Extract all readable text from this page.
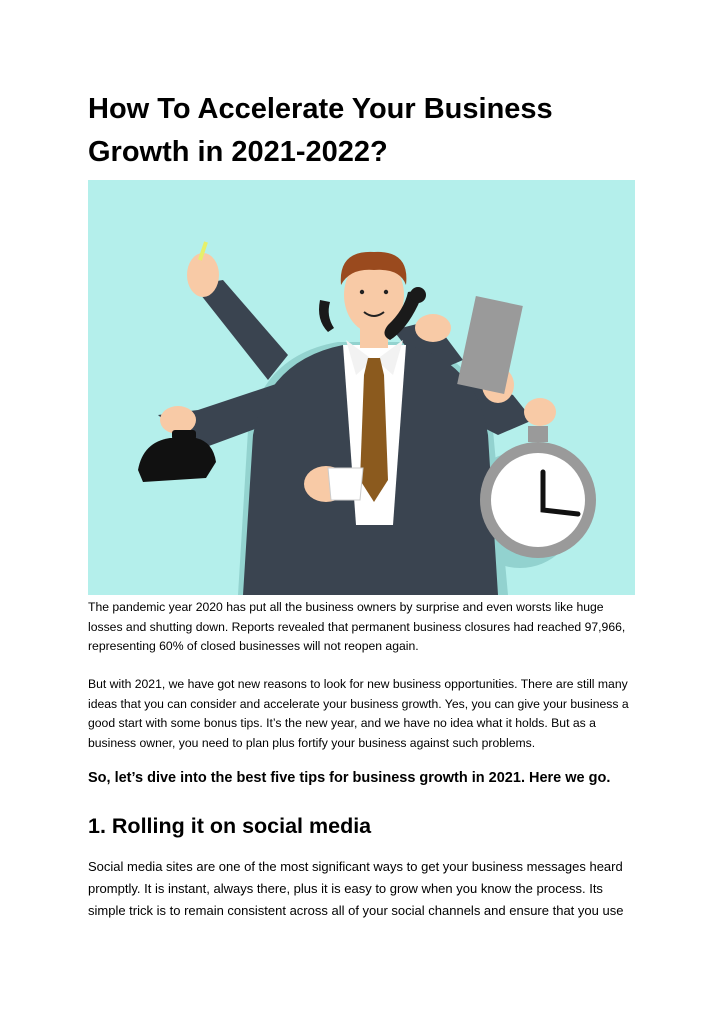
How To Accelerate Your Business Growth in 2021-2022?

The pandemic year 2020 has put all the business owners by surprise and even worsts like huge losses and shutting down. Reports revealed that permanent business closures had reached 97,966, representing 60% of closed businesses will not reopen again.

But with 2021, we have got new reasons to look for new business opportunities. There are still many ideas that you can consider and accelerate your business growth. Yes, you can give your business a good start with some bonus tips. It’s the new year, and we have no idea what it holds. But as a business owner, you need to plan plus fortify your business against such problems.

So, let’s dive into the best five tips for business growth in 2021. Here we go.

1. Rolling it on social media

Social media sites are one of the most significant ways to get your business messages heard promptly. It is instant, always there, plus it is easy to grow when you know the process. Its simple trick is to remain consistent across all of your social channels and ensure that you use
